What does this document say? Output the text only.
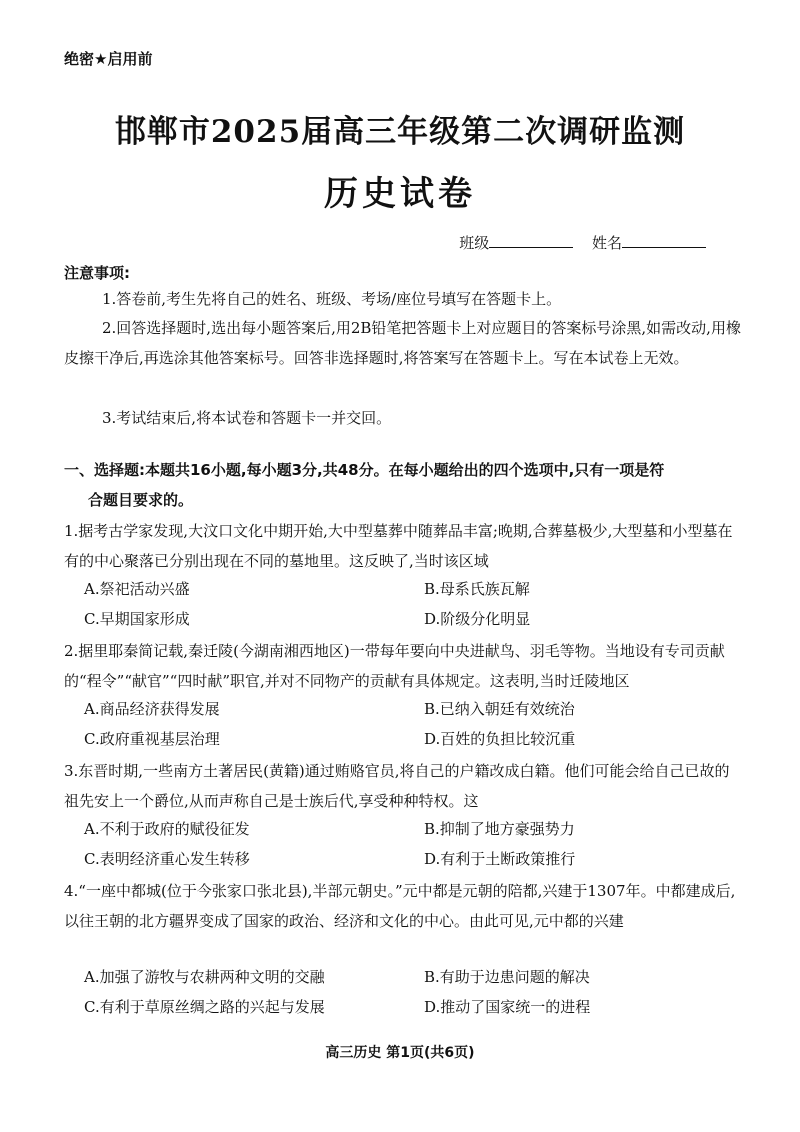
绝密★启用前
邯郸市2025届高三年级第二次调研监测
历史试卷
班级	姓名
注意事项:
1.答卷前,考生先将自己的姓名、班级、考场/座位号填写在答题卡上。
2.回答选择题时,选出每小题答案后,用2B铅笔把答题卡上对应题目的答案标号涂黑,如需改动,用橡皮擦干净后,再选涂其他答案标号。回答非选择题时,将答案写在答题卡上。写在本试卷上无效。
3.考试结束后,将本试卷和答题卡一并交回。
一、选择题:本题共16小题,每小题3分,共48分。在每小题给出的四个选项中,只有一项是符
合题目要求的。
1.据考古学家发现,大汶口文化中期开始,大中型墓葬中随葬品丰富;晚期,合葬墓极少,大型墓和小型墓在有的中心聚落已分别出现在不同的墓地里。这反映了,当时该区域
A.祭祀活动兴盛	B.母系氏族瓦解
C.早期国家形成	D.阶级分化明显
2.据里耶秦简记载,秦迁陵(今湖南湘西地区)一带每年要向中央进献鸟、羽毛等物。当地设有专司贡献的“程令”“献官”“四时献”职官,并对不同物产的贡献有具体规定。这表明,当时迁陵地区
A.商品经济获得发展	B.已纳入朝廷有效统治
C.政府重视基层治理	D.百姓的负担比较沉重
3.东晋时期,一些南方土著居民(黄籍)通过贿赂官员,将自己的户籍改成白籍。他们可能会给自己已故的祖先安上一个爵位,从而声称自己是士族后代,享受种种特权。这
A.不利于政府的赋役征发	B.抑制了地方豪强势力
C.表明经济重心发生转移	D.有利于土断政策推行
4.“一座中都城(位于今张家口张北县),半部元朝史。”元中都是元朝的陪都,兴建于1307年。中都建成后,以往王朝的北方疆界变成了国家的政治、经济和文化的中心。由此可见,元中都的兴建
A.加强了游牧与农耕两种文明的交融	B.有助于边患问题的解决
C.有利于草原丝绸之路的兴起与发展	D.推动了国家统一的进程
高三历史 第1页(共6页)
